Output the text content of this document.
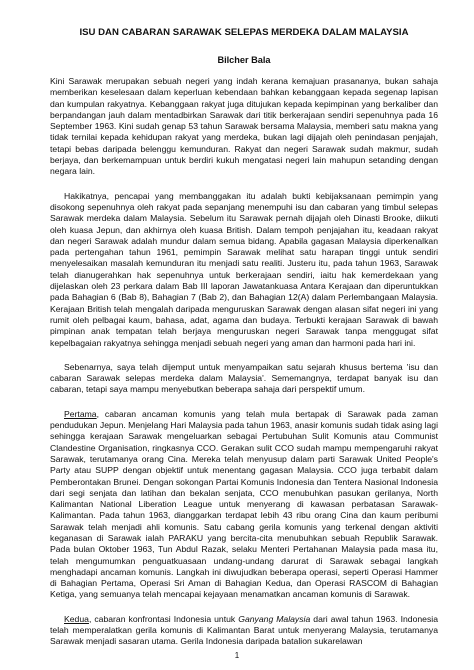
ISU DAN CABARAN SARAWAK SELEPAS MERDEKA DALAM MALAYSIA
Bilcher Bala

Kini Sarawak merupakan sebuah negeri yang indah kerana kemajuan prasananya, bukan sahaja memberikan keselesaan dalam keperluan kebendaan bahkan kebanggaan kepada segenap lapisan dan kumpulan rakyatnya. Kebanggaan rakyat juga ditujukan kepada kepimpinan yang berkaliber dan berpandangan jauh dalam mentadbirkan Sarawak dari titik berkerajaan sendiri sepenuhnya pada 16 September 1963. Kini sudah genap 53 tahun Sarawak bersama Malaysia, memberi satu makna yang tidak ternilai kepada kehidupan rakyat yang merdeka, bukan lagi dijajah oleh penindasan penjajah, tetapi bebas daripada belenggu kemunduran. Rakyat dan negeri Sarawak sudah makmur, sudah berjaya, dan berkemampuan untuk berdiri kukuh mengatasi negeri lain mahupun setanding dengan negara lain.

Hakikatnya, pencapai yang membanggakan itu adalah bukti kebijaksanaan pemimpin yang disokong sepenuhnya oleh rakyat pada sepanjang menempuhi isu dan cabaran yang timbul selepas Sarawak merdeka dalam Malaysia. Sebelum itu Sarawak pernah dijajah oleh Dinasti Brooke, diikuti oleh kuasa Jepun, dan akhirnya oleh kuasa British. Dalam tempoh penjajahan itu, keadaan rakyat dan negeri Sarawak adalah mundur dalam semua bidang. Apabila gagasan Malaysia diperkenalkan pada pertengahan tahun 1961, pemimpin Sarawak melihat satu harapan tinggi untuk sendiri menyelesaikan masalah kemunduran itu menjadi satu realiti. Justeru itu, pada tahun 1963, Sarawak telah dianugerahkan hak sepenuhnya untuk berkerajaan sendiri, iaitu hak kemerdekaan yang dijelaskan oleh 23 perkara dalam Bab III laporan Jawatankuasa Antara Kerajaan dan diperuntukkan pada Bahagian 6 (Bab 8), Bahagian 7 (Bab 2), dan Bahagian 12(A) dalam Perlembangaan Malaysia. Kerajaan British telah mengalah daripada menguruskan Sarawak dengan alasan sifat negeri ini yang rumit oleh pelbagai kaum, bahasa, adat, agama dan budaya. Terbukti kerajaan Sarawak di bawah pimpinan anak tempatan telah berjaya menguruskan negeri Sarawak tanpa menggugat sifat kepelbagaian rakyatnya sehingga menjadi sebuah negeri yang aman dan harmoni pada hari ini.

Sebenarnya, saya telah dijemput untuk menyampaikan satu sejarah khusus bertema 'isu dan cabaran Sarawak selepas merdeka dalam Malaysia'. Sememangnya, terdapat banyak isu dan cabaran, tetapi saya mampu menyebutkan beberapa sahaja dari perspektif umum.

Pertama, cabaran ancaman komunis yang telah mula bertapak di Sarawak pada zaman pendudukan Jepun. Menjelang Hari Malaysia pada tahun 1963, anasir komunis sudah tidak asing lagi sehingga kerajaan Sarawak mengeluarkan sebagai Pertubuhan Sulit Komunis atau Communist Clandestine Organisation, ringkasnya CCO. Gerakan sulit CCO sudah mampu mempengaruhi rakyat Sarawak, terutamanya orang Cina. Mereka telah menyusup dalam parti Sarawak United People's Party atau SUPP dengan objektif untuk menentang gagasan Malaysia. CCO juga terbabit dalam Pemberontakan Brunei. Dengan sokongan Partai Komunis Indonesia dan Tentera Nasional Indonesia dari segi senjata dan latihan dan bekalan senjata, CCO menubuhkan pasukan gerilanya, North Kalimantan National Liberation League untuk menyerang di kawasan perbatasan Sarawak-Kalimantan. Pada tahun 1963, dianggarkan terdapat lebih 43 ribu orang Cina dan kaum peribumi Sarawak telah menjadi ahli komunis. Satu cabang gerila komunis yang terkenal dengan aktiviti keganasan di Sarawak ialah PARAKU yang bercita-cita menubuhkan sebuah Republik Sarawak. Pada bulan Oktober 1963, Tun Abdul Razak, selaku Menteri Pertahanan Malaysia pada masa itu, telah mengumumkan penguatkuasaan undang-undang darurat di Sarawak sebagai langkah menghadapi ancaman komunis. Langkah ini diwujudkan beberapa operasi, seperti Operasi Hammer di Bahagian Pertama, Operasi Sri Aman di Bahagian Kedua, dan Operasi RASCOM di Bahagian Ketiga, yang semuanya telah mencapai kejayaan menamatkan ancaman komunis di Sarawak.

Kedua, cabaran konfrontasi Indonesia untuk Ganyang Malaysia dari awal tahun 1963. Indonesia telah memperalatkan gerila komunis di Kalimantan Barat untuk menyerang Malaysia, terutamanya Sarawak menjadi sasaran utama. Gerila Indonesia daripada batalion sukarelawan

1
